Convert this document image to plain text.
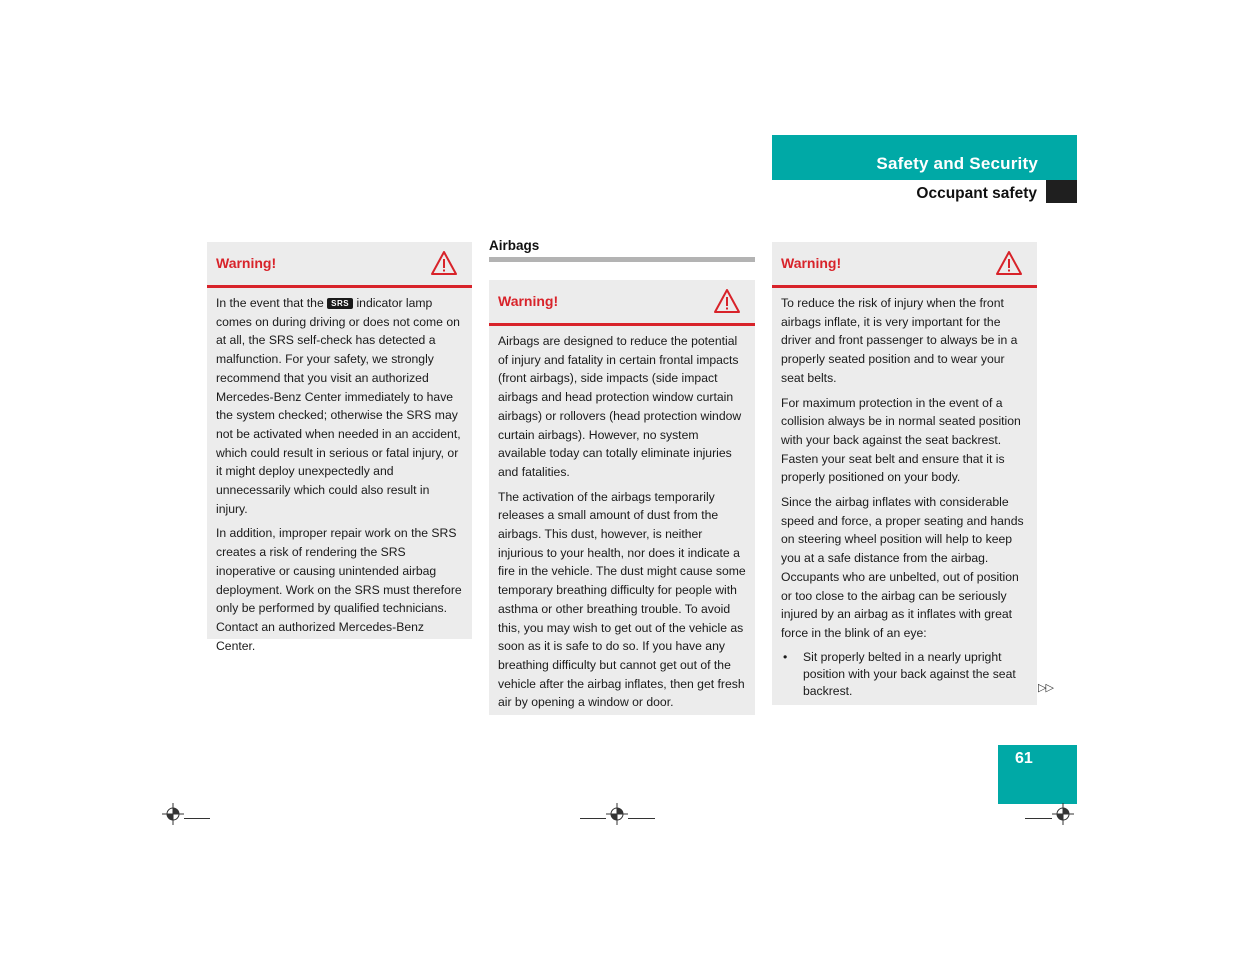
Safety and Security
Occupant safety
Warning!

In the event that the SRS indicator lamp comes on during driving or does not come on at all, the SRS self-check has detected a malfunction. For your safety, we strongly recommend that you visit an authorized Mercedes-Benz Center immediately to have the system checked; otherwise the SRS may not be activated when needed in an accident, which could result in serious or fatal injury, or it might deploy unexpectedly and unnecessarily which could also result in injury.

In addition, improper repair work on the SRS creates a risk of rendering the SRS inoperative or causing unintended airbag deployment. Work on the SRS must therefore only be performed by qualified technicians. Contact an authorized Mercedes-Benz Center.

Airbags
Warning!

Airbags are designed to reduce the potential of injury and fatality in certain frontal impacts (front airbags), side impacts (side impact airbags and head protection window curtain airbags) or rollovers (head protection window curtain airbags). However, no system available today can totally eliminate injuries and fatalities.

The activation of the airbags temporarily releases a small amount of dust from the airbags. This dust, however, is neither injurious to your health, nor does it indicate a fire in the vehicle. The dust might cause some temporary breathing difficulty for people with asthma or other breathing trouble. To avoid this, you may wish to get out of the vehicle as soon as it is safe to do so. If you have any breathing difficulty but cannot get out of the vehicle after the airbag inflates, then get fresh air by opening a window or door.

Warning!

To reduce the risk of injury when the front airbags inflate, it is very important for the driver and front passenger to always be in a properly seated position and to wear your seat belts.

For maximum protection in the event of a collision always be in normal seated position with your back against the seat backrest. Fasten your seat belt and ensure that it is properly positioned on your body.

Since the airbag inflates with considerable speed and force, a proper seating and hands on steering wheel position will help to keep you at a safe distance from the airbag. Occupants who are unbelted, out of position or too close to the airbag can be seriously injured by an airbag as it inflates with great force in the blink of an eye:

• Sit properly belted in a nearly upright position with your back against the seat backrest.	▷▷
61
